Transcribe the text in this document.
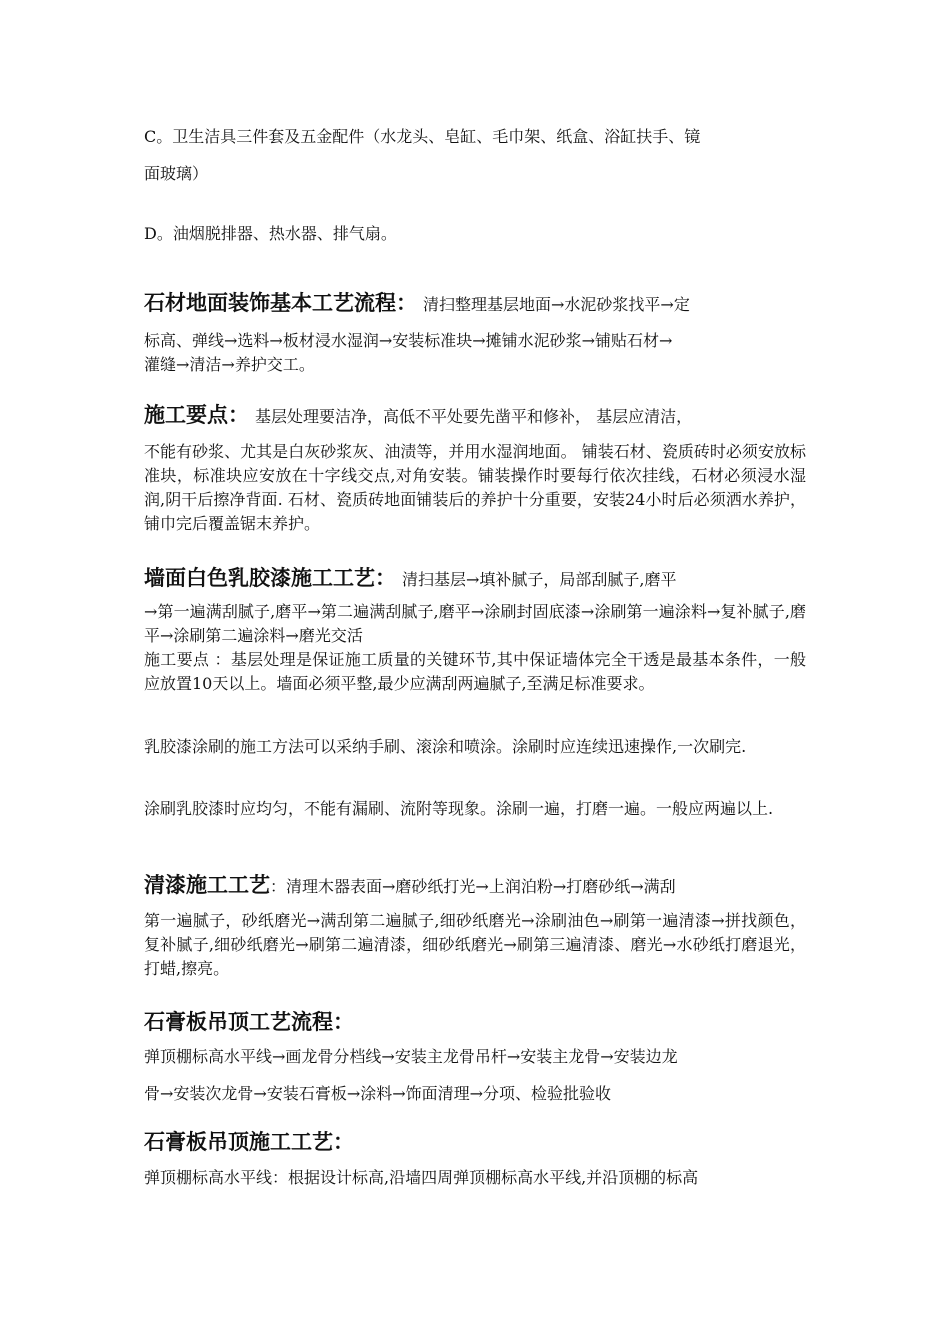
C。卫生洁具三件套及五金配件（水龙头、皂缸、毛巾架、纸盒、浴缸扶手、镜
面玻璃）
D。油烟脱排器、热水器、排气扇。
石材地面装饰基本工艺流程： 清扫整理基层地面→水泥砂浆找平→定
标高、弹线→选料→板材浸水湿润→安装标准块→摊铺水泥砂浆→铺贴石材→
灌缝→清洁→养护交工。
施工要点： 基层处理要洁净，高低不平处要先凿平和修补， 基层应清洁，
不能有砂浆、尤其是白灰砂浆灰、油渍等，并用水湿润地面。 铺装石材、瓷质砖时必须安放标准块，标准块应安放在十字线交点,对角安装。铺装操作时要每行依次挂线，石材必须浸水湿润,阴干后擦净背面. 石材、瓷质砖地面铺装后的养护十分重要，安装24小时后必须洒水养护， 铺巾完后覆盖锯末养护。
墙面白色乳胶漆施工工艺： 清扫基层→填补腻子，局部刮腻子,磨平
→第一遍满刮腻子,磨平→第二遍满刮腻子,磨平→涂刷封固底漆→涂刷第一遍涂料→复补腻子,磨平→涂刷第二遍涂料→磨光交活
施工要点 ：基层处理是保证施工质量的关键环节,其中保证墙体完全干透是最基本条件，一般应放置10天以上。墙面必须平整,最少应满刮两遍腻子,至满足标准要求。
乳胶漆涂刷的施工方法可以采纳手刷、滚涂和喷涂。涂刷时应连续迅速操作,一次刷完.
涂刷乳胶漆时应均匀，不能有漏刷、流附等现象。涂刷一遍，打磨一遍。一般应两遍以上.
清漆施工工艺：清理木器表面→磨砂纸打光→上润泊粉→打磨砂纸→满刮
第一遍腻子，砂纸磨光→满刮第二遍腻子,细砂纸磨光→涂刷油色→刷第一遍清漆→拼找颜色，复补腻子,细砂纸磨光→刷第二遍清漆，细砂纸磨光→刷第三遍清漆、磨光→水砂纸打磨退光，打蜡,擦亮。
石膏板吊顶工艺流程：
弹顶棚标高水平线→画龙骨分档线→安装主龙骨吊杆→安装主龙骨→安装边龙
骨→安装次龙骨→安装石膏板→涂料→饰面清理→分项、检验批验收
石膏板吊顶施工工艺：
弹顶棚标高水平线：根据设计标高,沿墙四周弹顶棚标高水平线,并沿顶棚的标高
